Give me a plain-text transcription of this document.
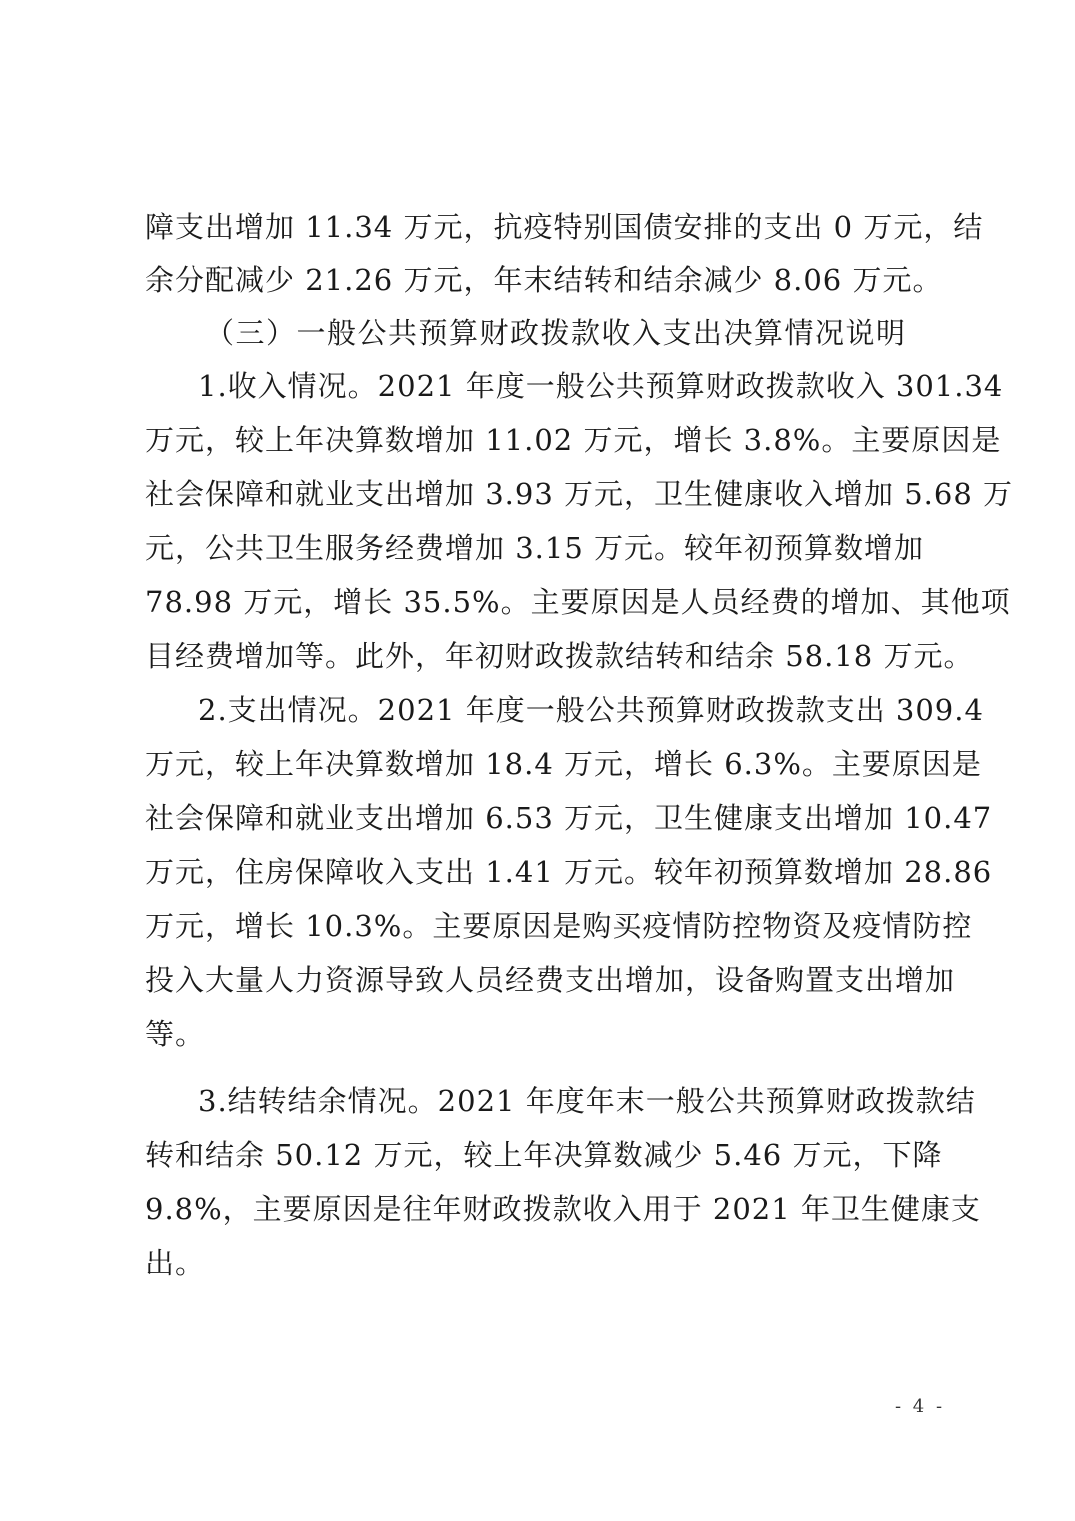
障支出增加 11.34 万元，抗疫特别国债安排的支出 0 万元，结
余分配减少 21.26 万元，年末结转和结余减少 8.06 万元。
（三）一般公共预算财政拨款收入支出决算情况说明
1.收入情况。2021 年度一般公共预算财政拨款收入 301.34
万元，较上年决算数增加 11.02 万元，增长 3.8%。主要原因是
社会保障和就业支出增加 3.93 万元，卫生健康收入增加 5.68 万
元，公共卫生服务经费增加 3.15 万元。较年初预算数增加
78.98 万元，增长 35.5%。主要原因是人员经费的增加、其他项
目经费增加等。此外，年初财政拨款结转和结余 58.18 万元。
2.支出情况。2021 年度一般公共预算财政拨款支出 309.4
万元，较上年决算数增加 18.4 万元，增长 6.3%。主要原因是
社会保障和就业支出增加 6.53 万元，卫生健康支出增加 10.47
万元，住房保障收入支出 1.41 万元。较年初预算数增加 28.86
万元，增长 10.3%。主要原因是购买疫情防控物资及疫情防控
投入大量人力资源导致人员经费支出增加，设备购置支出增加
等。
3.结转结余情况。2021 年度年末一般公共预算财政拨款结
转和结余 50.12 万元，较上年决算数减少 5.46 万元，下降
9.8%，主要原因是往年财政拨款收入用于 2021 年卫生健康支
出。
- 4 -
